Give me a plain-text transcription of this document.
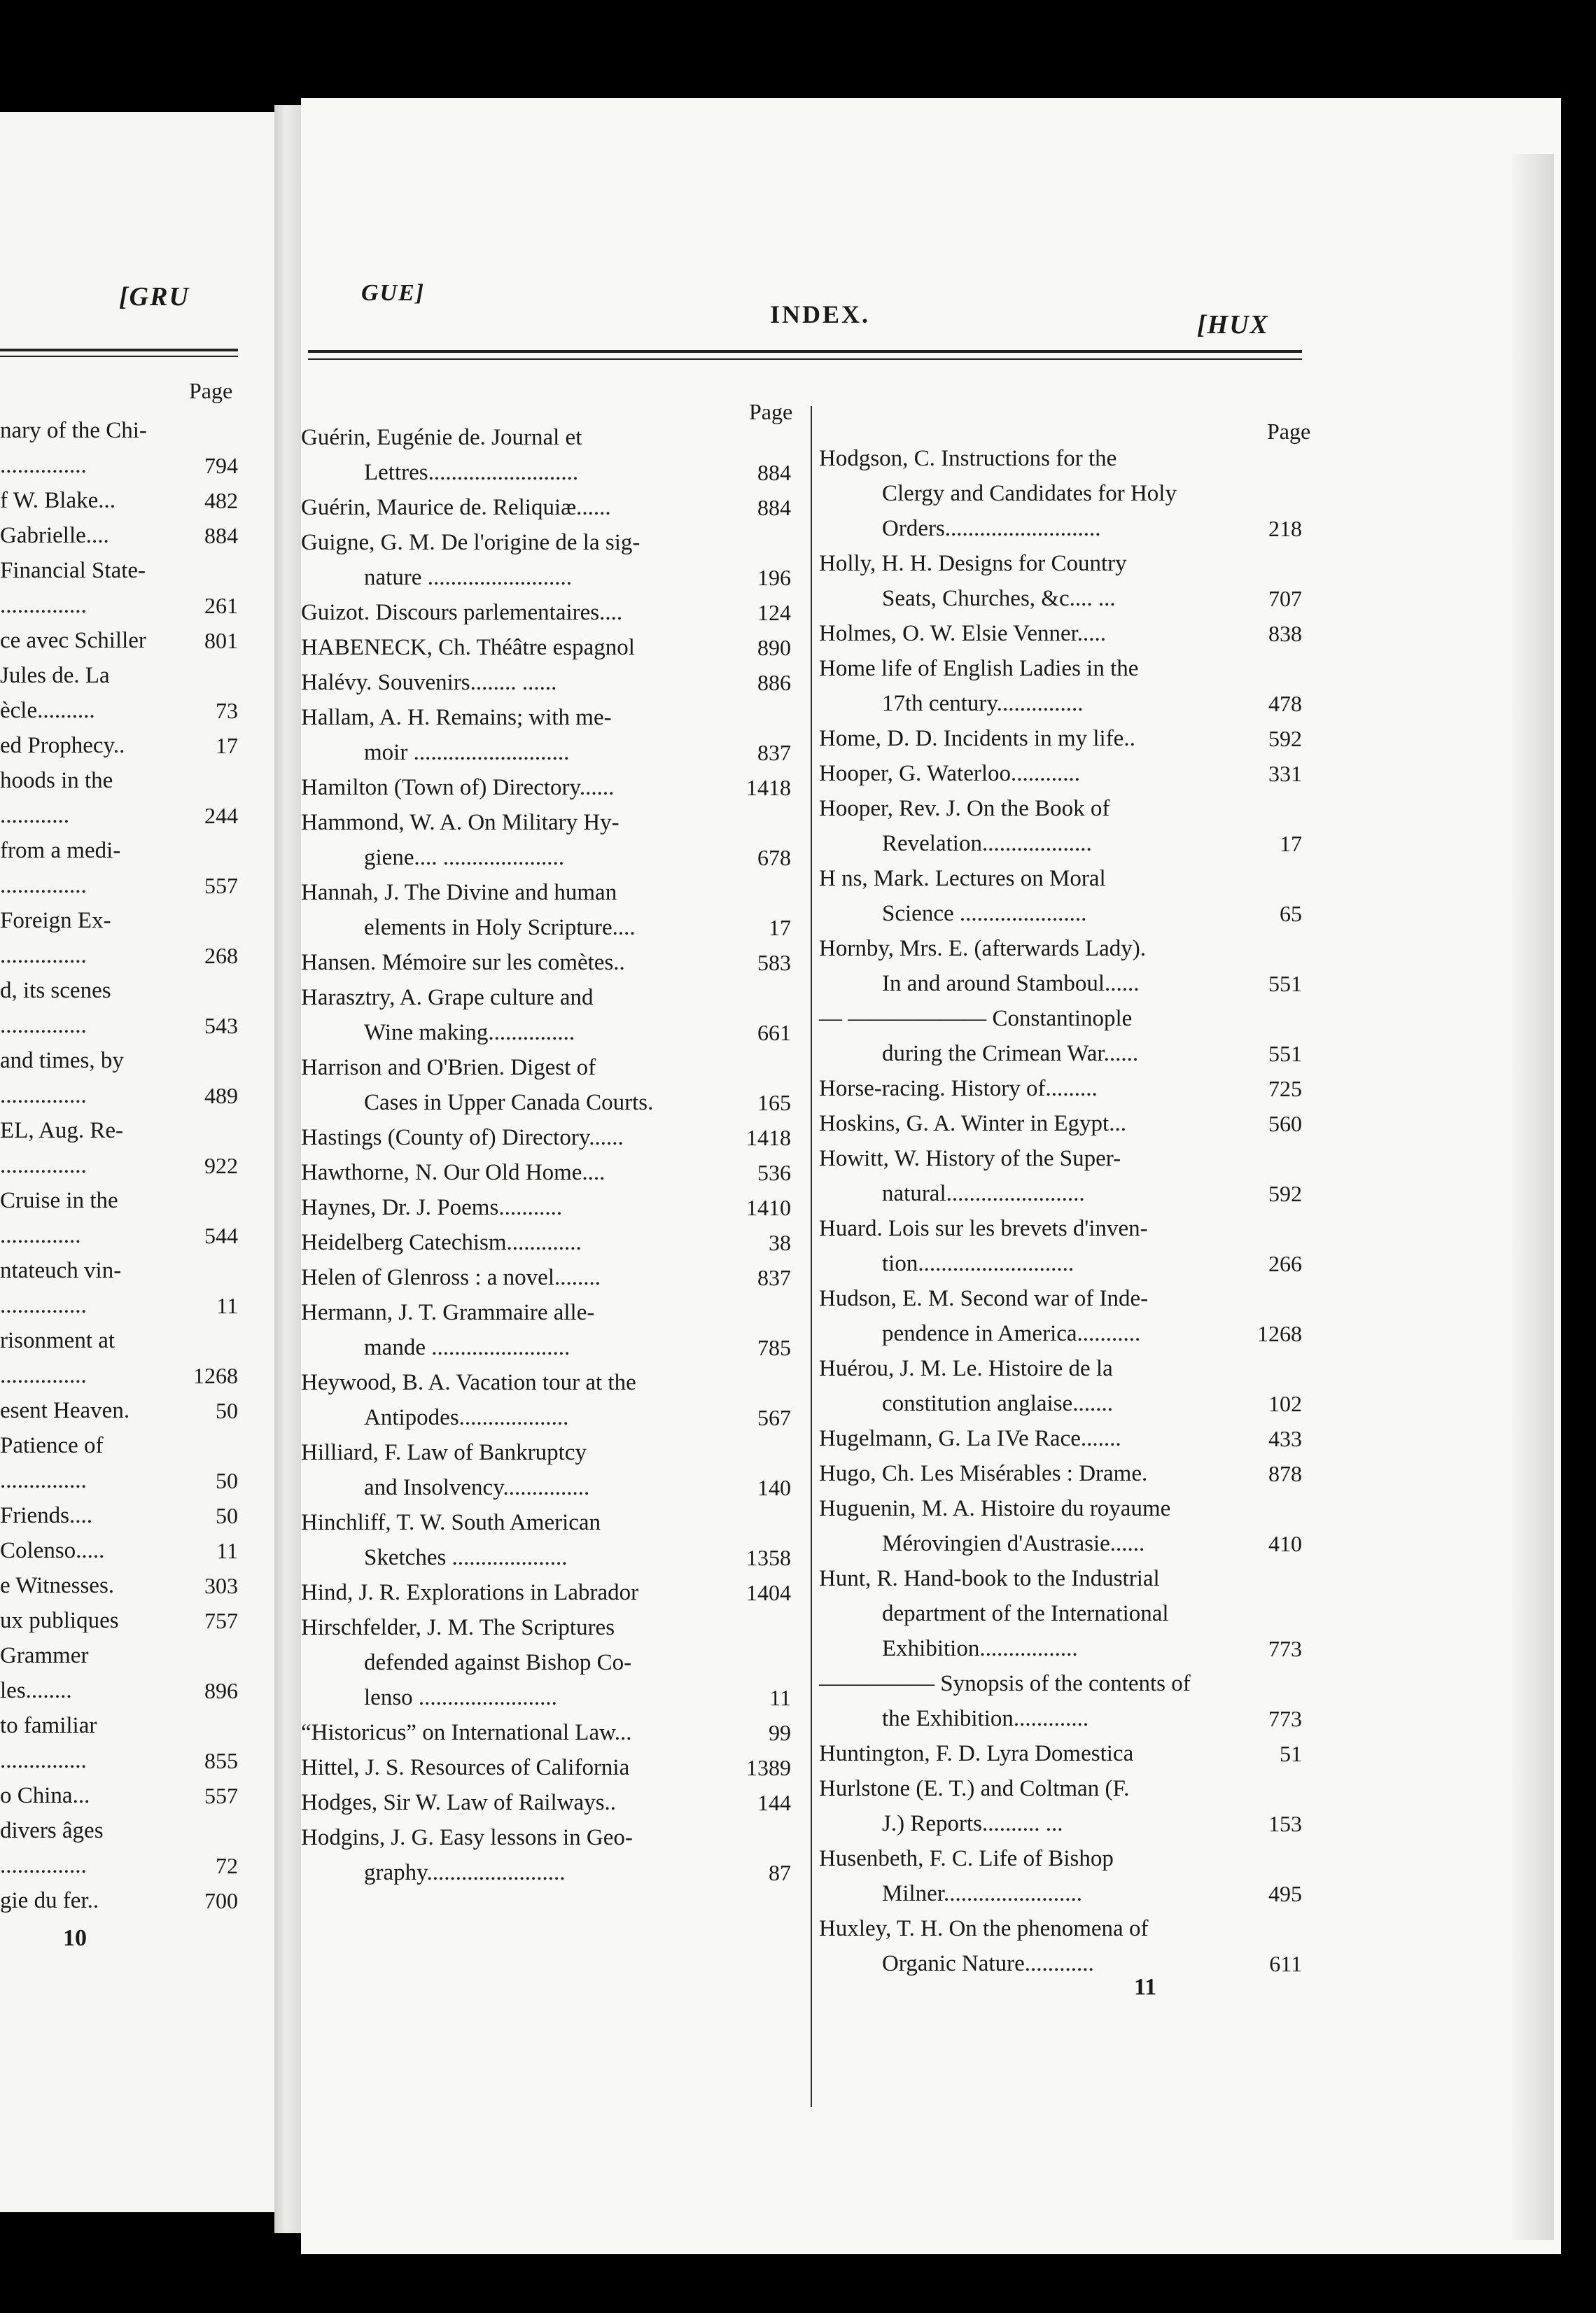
[GRU
Page
nary of the Chi-
...............	794
f W. Blake...	482
Gabrielle....	884
Financial State-
...............	261
ce avec Schiller	801
Jules de. La
ècle..........	73
ed Prophecy..	17
hoods in the
............	244
from a medi-
...............	557
Foreign Ex-
...............	268
d, its scenes
...............	543
and times, by
...............	489
EL, Aug. Re-
...............	922
Cruise in the
..............	544
ntateuch vin-
...............	11
risonment at
...............	1268
esent Heaven.	50
Patience of
...............	50
Friends....	50
Colenso.....	11
e Witnesses.	303
ux publiques	757
Grammer
les........	896
to familiar
...............	855
o China...	557
divers âges
...............	72
gie du fer..	700
10
GUE]
INDEX.	[HUX
Page
Page
Guérin, Eugénie de. Journal et
Lettres..........................	884
Guérin, Maurice de. Reliquiæ......	884
Guigne, G. M. De l'origine de la sig-
nature .........................	196
Guizot. Discours parlementaires....	124
HABENECK, Ch. Théâtre espagnol	890
Halévy. Souvenirs........ ......	886
Hallam, A. H. Remains; with me-
moir ...........................	837
Hamilton (Town of) Directory......	1418
Hammond, W. A. On Military Hy-
giene.... .....................	678
Hannah, J. The Divine and human
elements in Holy Scripture....	17
Hansen. Mémoire sur les comètes..	583
Harasztry, A. Grape culture and
Wine making...............	661
Harrison and O'Brien. Digest of
Cases in Upper Canada Courts.	165
Hastings (County of) Directory......	1418
Hawthorne, N. Our Old Home....	536
Haynes, Dr. J. Poems...........	1410
Heidelberg Catechism.............	38
Helen of Glenross : a novel........	837
Hermann, J. T. Grammaire alle-
mande ........................	785
Heywood, B. A. Vacation tour at the
Antipodes...................	567
Hilliard, F. Law of Bankruptcy
and Insolvency...............	140
Hinchliff, T. W. South American
Sketches ....................	1358
Hind, J. R. Explorations in Labrador	1404
Hirschfelder, J. M. The Scriptures
defended against Bishop Co-
lenso ........................	11
“Historicus” on International Law...	99
Hittel, J. S. Resources of California	1389
Hodges, Sir W. Law of Railways..	144
Hodgins, J. G. Easy lessons in Geo-
graphy........................	87
Hodgson, C. Instructions for the
Clergy and Candidates for Holy
Orders...........................	218
Holly, H. H. Designs for Country
Seats, Churches, &c.... ...	707
Holmes, O. W. Elsie Venner.....	838
Home life of English Ladies in the
17th century...............	478
Home, D. D. Incidents in my life..	592
Hooper, G. Waterloo............	331
Hooper, Rev. J. On the Book of
Revelation...................	17
H ns, Mark. Lectures on Moral
Science ......................	65
Hornby, Mrs. E. (afterwards Lady).
In and around Stamboul......	551
— —————— Constantinople
during the Crimean War......	551
Horse-racing. History of.........	725
Hoskins, G. A. Winter in Egypt...	560
Howitt, W. History of the Super-
natural........................	592
Huard. Lois sur les brevets d'inven-
tion...........................	266
Hudson, E. M. Second war of Inde-
pendence in America...........	1268
Huérou, J. M. Le. Histoire de la
constitution anglaise.......	102
Hugelmann, G. La IVe Race.......	433
Hugo, Ch. Les Misérables : Drame.	878
Huguenin, M. A. Histoire du royaume
Mérovingien d'Austrasie......	410
Hunt, R. Hand-book to the Industrial
department of the International
Exhibition.................	773
————— Synopsis of the contents of
the Exhibition.............	773
Huntington, F. D. Lyra Domestica	51
Hurlstone (E. T.) and Coltman (F.
J.) Reports.......... ...	153
Husenbeth, F. C. Life of Bishop
Milner........................	495
Huxley, T. H. On the phenomena of
Organic Nature............	611
11
